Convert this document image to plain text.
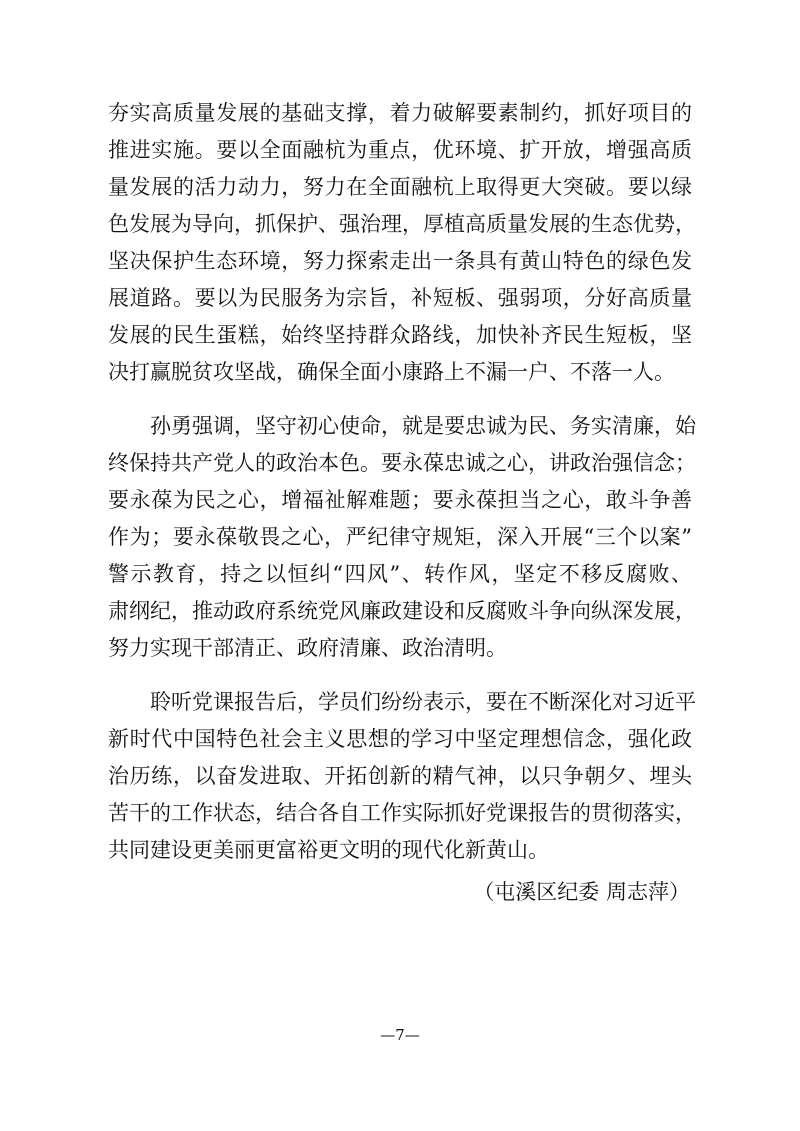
夯实高质量发展的基础支撑，着力破解要素制约，抓好项目的
推进实施。要以全面融杭为重点，优环境、扩开放，增强高质
量发展的活力动力，努力在全面融杭上取得更大突破。要以绿
色发展为导向，抓保护、强治理，厚植高质量发展的生态优势，
坚决保护生态环境，努力探索走出一条具有黄山特色的绿色发
展道路。要以为民服务为宗旨，补短板、强弱项，分好高质量
发展的民生蛋糕，始终坚持群众路线，加快补齐民生短板，坚
决打赢脱贫攻坚战，确保全面小康路上不漏一户、不落一人。
孙勇强调，坚守初心使命，就是要忠诚为民、务实清廉，始
终保持共产党人的政治本色。要永葆忠诚之心，讲政治强信念；
要永葆为民之心，增福祉解难题；要永葆担当之心，敢斗争善
作为；要永葆敬畏之心，严纪律守规矩，深入开展“三个以案”
警示教育，持之以恒纠“四风”、转作风，坚定不移反腐败、
肃纲纪，推动政府系统党风廉政建设和反腐败斗争向纵深发展，
努力实现干部清正、政府清廉、政治清明。
聆听党课报告后，学员们纷纷表示，要在不断深化对习近平
新时代中国特色社会主义思想的学习中坚定理想信念，强化政
治历练，以奋发进取、开拓创新的精气神，以只争朝夕、埋头
苦干的工作状态，结合各自工作实际抓好党课报告的贯彻落实，
共同建设更美丽更富裕更文明的现代化新黄山。
（屯溪区纪委 周志萍）
—7—
